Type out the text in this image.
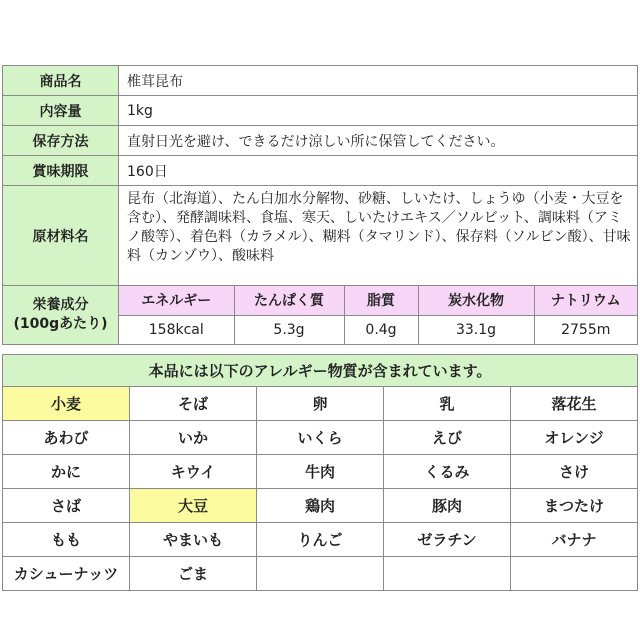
商品名	椎茸昆布
内容量	1kg
保存方法	直射日光を避け、できるだけ涼しい所に保管してください。
賞味期限	160日
原材料名	昆布（北海道）、たん白加水分解物、砂糖、しいたけ、しょうゆ（小麦・大豆を含む）、発酵調味料、食塩、寒天、しいたけエキス／ソルビット、調味料（アミノ酸等）、着色料（カラメル）、糊料（タマリンド）、保存料（ソルビン酸）、甘味料（カンゾウ）、酸味料
栄養成分
(100gあたり)	
エネルギー	たんぱく質	脂質	炭水化物	ナトリウム
158kcal	5.3g	0.4g	33.1g	2755m
本品には以下のアレルギー物質が含まれています。				
小麦	そば	卵	乳	落花生
あわび	いか	いくら	えび	オレンジ
かに	キウイ	牛肉	くるみ	さけ
さば	大豆	鶏肉	豚肉	まつたけ
もも	やまいも	りんご	ゼラチン	バナナ
カシューナッツ	ごま			
